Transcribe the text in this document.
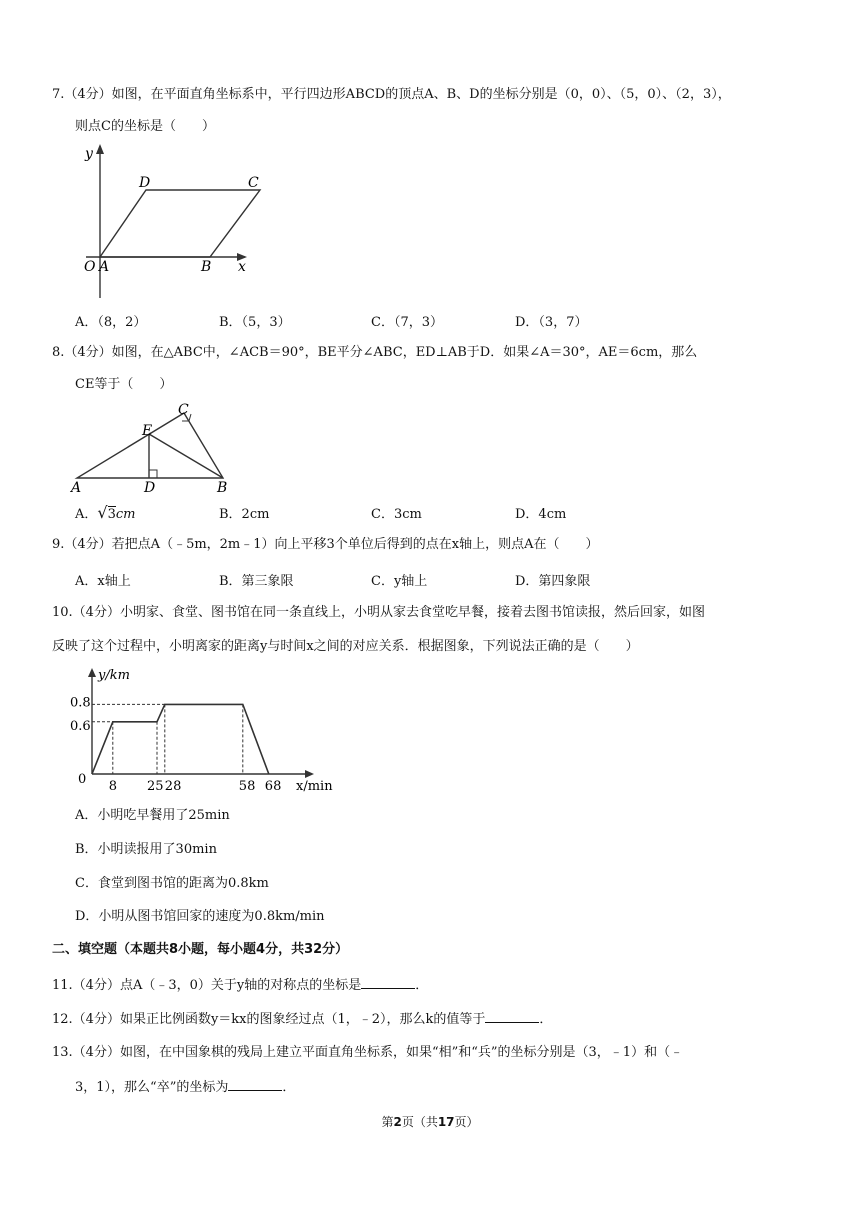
7.（4分）如图，在平面直角坐标系中，平行四边形ABCD的顶点A、B、D的坐标分别是（0，0）、（5，0）、（2，3），
则点C的坐标是（　　）
y
x
O A	B
C
D
A．（8，2）	B．（5，3）	C．（7，3）	D．（3，7）
8.（4分）如图，在△ABC中，∠ACB＝90°，BE平分∠ABC，ED⊥AB于D．如果∠A＝30°，AE＝6cm，那么
CE等于（　　）
A	B
C
D
E
A．√3cm	B．2cm	C．3cm	D．4cm
9.（4分）若把点A（﹣5m，2m﹣1）向上平移3个单位后得到的点在x轴上，则点A在（　　）
A．x轴上	B．第三象限	C．y轴上	D．第四象限
10.（4分）小明家、食堂、图书馆在同一条直线上，小明从家去食堂吃早餐，接着去图书馆读报，然后回家，如图
反映了这个过程中，小明离家的距离y与时间x之间的对应关系．根据图象，下列说法正确的是（　　）
y/km
x/min
0.8
0.6
0 8 25 28	58 68
A．小明吃早餐用了25min
B．小明读报用了30min
C．食堂到图书馆的距离为0.8km
D．小明从图书馆回家的速度为0.8km/min
二、填空题（本题共8小题，每小题4分，共32分）
11.（4分）点A（﹣3，0）关于y轴的对称点的坐标是	．
12.（4分）如果正比例函数y＝kx的图象经过点（1，﹣2），那么k的值等于	．
13.（4分）如图，在中国象棋的残局上建立平面直角坐标系，如果“相”和“兵”的坐标分别是（3，﹣1）和（﹣
3，1），那么“卒”的坐标为	．
第2页（共17页）
